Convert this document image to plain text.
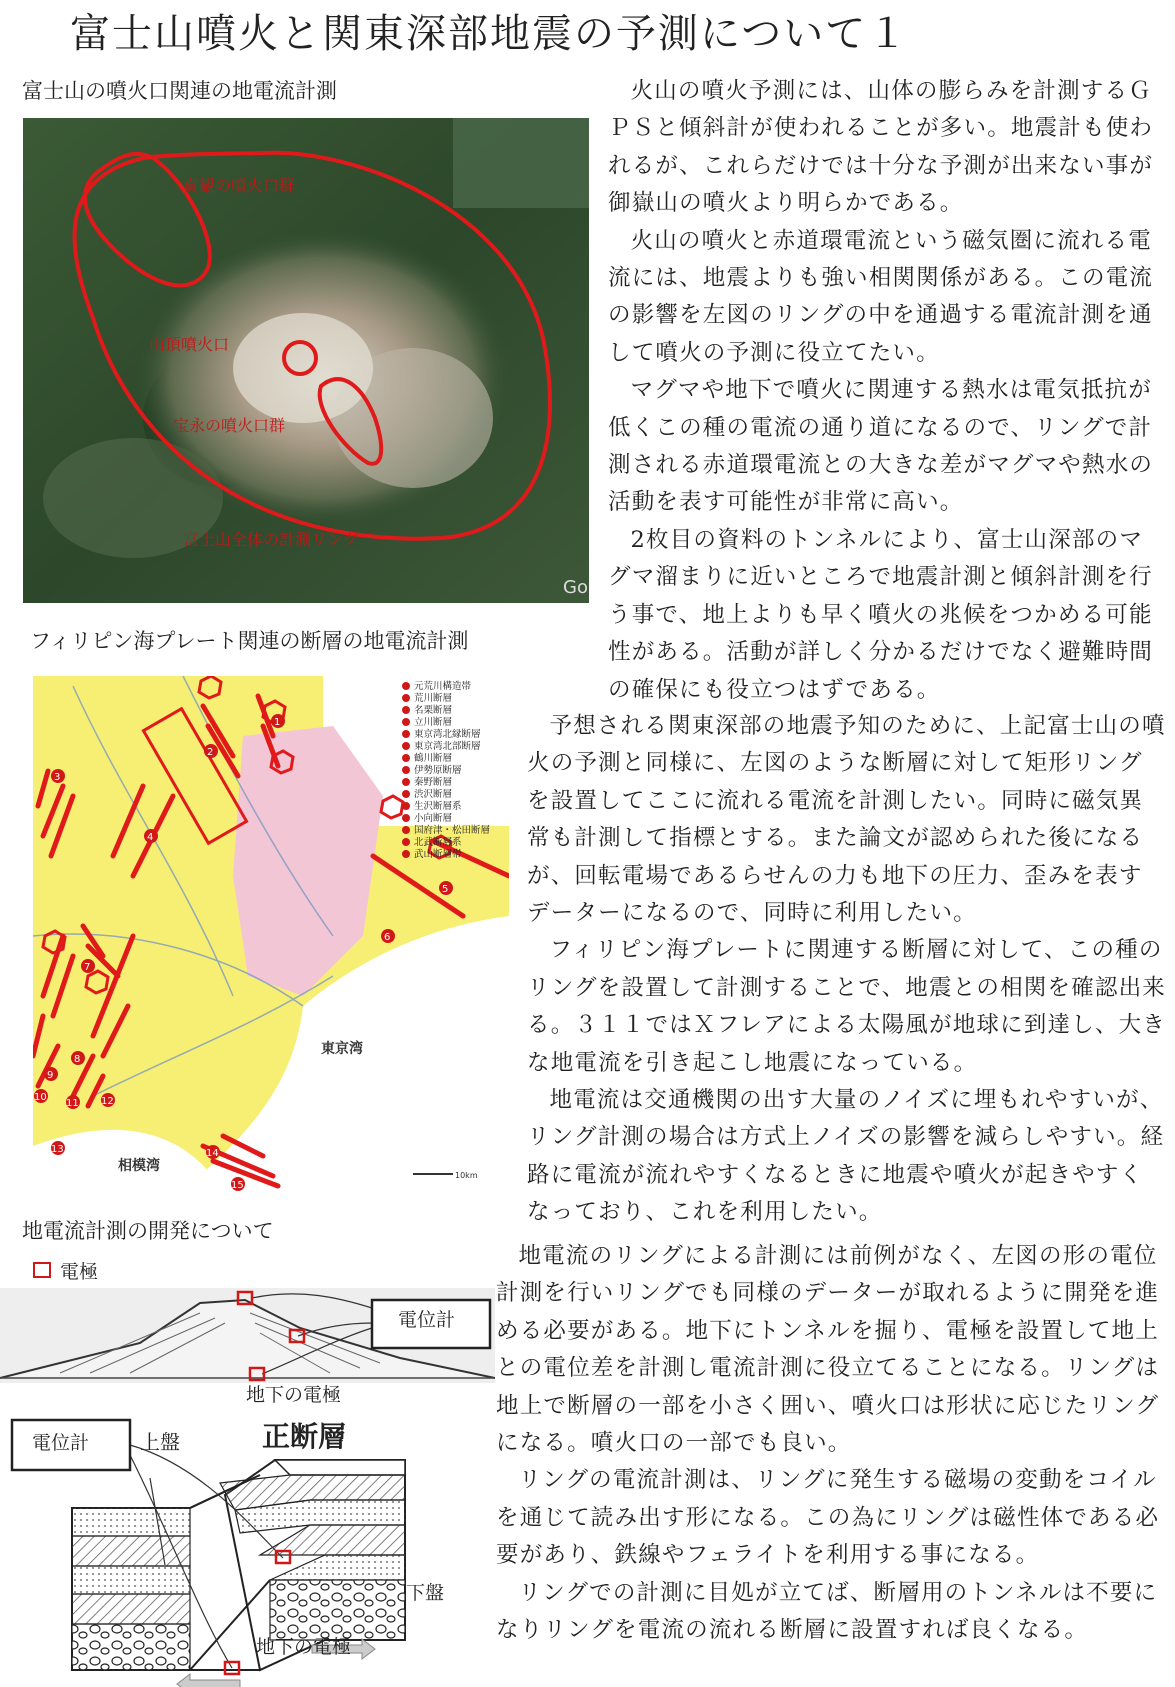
富士山噴火と関東深部地震の予測について１
富士山の噴火口関連の地電流計測
フィリピン海プレート関連の断層の地電流計測
地電流計測の開発について
貞観の噴火口群
山頂噴火口
宝永の噴火口群
富士山全体の計測リング
Go
3
4
2
1
6
5
7
8
9
10
11 12
13	14
15
元荒川構造帯
荒川断層
名栗断層
立川断層
東京湾北縁断層
東京湾北部断層
鶴川断層
伊勢原断層
秦野断層
渋沢断層
生沢断層系
小向断層
国府津・松田断層
北武断層系
武山断層帯
東京湾
相模湾
10km
電極
電位計
地下の電極
電位計	上盤	正断層
下盤
地下の電極

火山の噴火予測には、山体の膨らみを計測するＧＰＳと傾斜計が使われることが多い。地震計も使われるが、これらだけでは十分な予測が出来ない事が御嶽山の噴火より明らかである。

火山の噴火と赤道環電流という磁気圏に流れる電流には、地震よりも強い相関関係がある。この電流の影響を左図のリングの中を通過する電流計測を通して噴火の予測に役立てたい。

マグマや地下で噴火に関連する熱水は電気抵抗が低くこの種の電流の通り道になるので、リングで計測される赤道環電流との大きな差がマグマや熱水の活動を表す可能性が非常に高い。

2枚目の資料のトンネルにより、富士山深部のマグマ溜まりに近いところで地震計測と傾斜計測を行う事で、地上よりも早く噴火の兆候をつかめる可能性がある。活動が詳しく分かるだけでなく避難時間の確保にも役立つはずである。

予想される関東深部の地震予知のために、上記富士山の噴火の予測と同様に、左図のような断層に対して矩形リングを設置してここに流れる電流を計測したい。同時に磁気異常も計測して指標とする。また論文が認められた後になるが、回転電場であるらせんの力も地下の圧力、歪みを表すデーターになるので、同時に利用したい。

フィリピン海プレートに関連する断層に対して、この種のリングを設置して計測することで、地震との相関を確認出来る。３１１ではＸフレアによる太陽風が地球に到達し、大きな地電流を引き起こし地震になっている。

地電流は交通機関の出す大量のノイズに埋もれやすいが、リング計測の場合は方式上ノイズの影響を減らしやすい。経路に電流が流れやすくなるときに地震や噴火が起きやすくなっており、これを利用したい。

地電流のリングによる計測には前例がなく、左図の形の電位計測を行いリングでも同様のデーターが取れるように開発を進める必要がある。地下にトンネルを掘り、電極を設置して地上との電位差を計測し電流計測に役立てることになる。リングは地上で断層の一部を小さく囲い、噴火口は形状に応じたリングになる。噴火口の一部でも良い。

リングの電流計測は、リングに発生する磁場の変動をコイルを通じて読み出す形になる。この為にリングは磁性体である必要があり、鉄線やフェライトを利用する事になる。

リングでの計測に目処が立てば、断層用のトンネルは不要になりリングを電流の流れる断層に設置すれば良くなる。
